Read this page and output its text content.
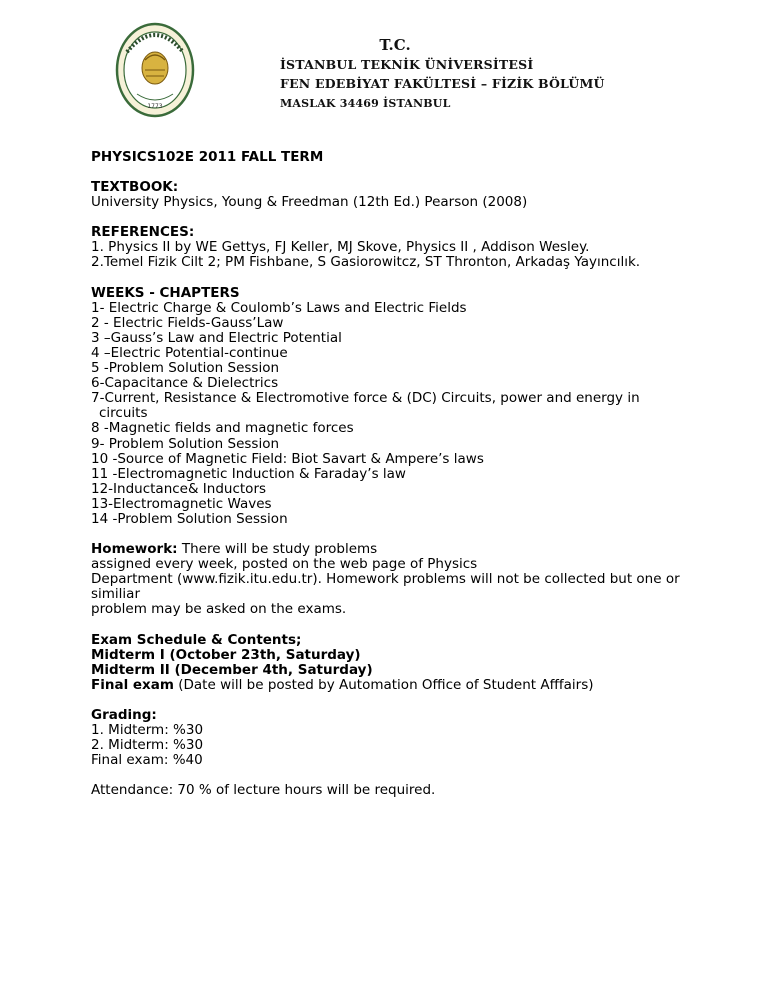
1773
T.C.
İSTANBUL TEKNİK ÜNİVERSİTESİ
FEN EDEBİYAT FAKÜLTESİ – FİZİK BÖLÜMÜ
MASLAK 34469 İSTANBUL

PHYSICS102E 2011 FALL TERM

TEXTBOOK:

University Physics, Young & Freedman (12th Ed.) Pearson (2008)

REFERENCES:

1. Physics II by WE Gettys, FJ Keller, MJ Skove, Physics II , Addison Wesley.

2.Temel Fizik Cilt 2; PM Fishbane, S Gasiorowitcz, ST Thronton, Arkadaş Yayıncılık.

WEEKS - CHAPTERS

1- Electric Charge & Coulomb’s Laws and Electric Fields

2 - Electric Fields-Gauss’Law

3 –Gauss’s Law and Electric Potential

4 –Electric Potential-continue

5 -Problem Solution Session

6-Capacitance & Dielectrics

7-Current, Resistance & Electromotive force & (DC) Circuits, power and energy in

circuits

8 -Magnetic fields and magnetic forces

9- Problem Solution Session

10 -Source of Magnetic Field: Biot Savart & Ampere’s laws

11 -Electromagnetic Induction & Faraday’s law

12-Inductance& Inductors

13-Electromagnetic Waves

14 -Problem Solution Session

Homework: There will be study problems

assigned every week, posted on the web page of Physics

Department (www.fizik.itu.edu.tr). Homework problems will not be collected but one or

similiar

problem may be asked on the exams.

Exam Schedule & Contents;

Midterm I (October 23th, Saturday)

Midterm II (December 4th, Saturday)

Final exam (Date will be posted by Automation Office of Student Afffairs)

Grading:

1. Midterm: %30

2. Midterm: %30

Final exam: %40

Attendance: 70 % of lecture hours will be required.
